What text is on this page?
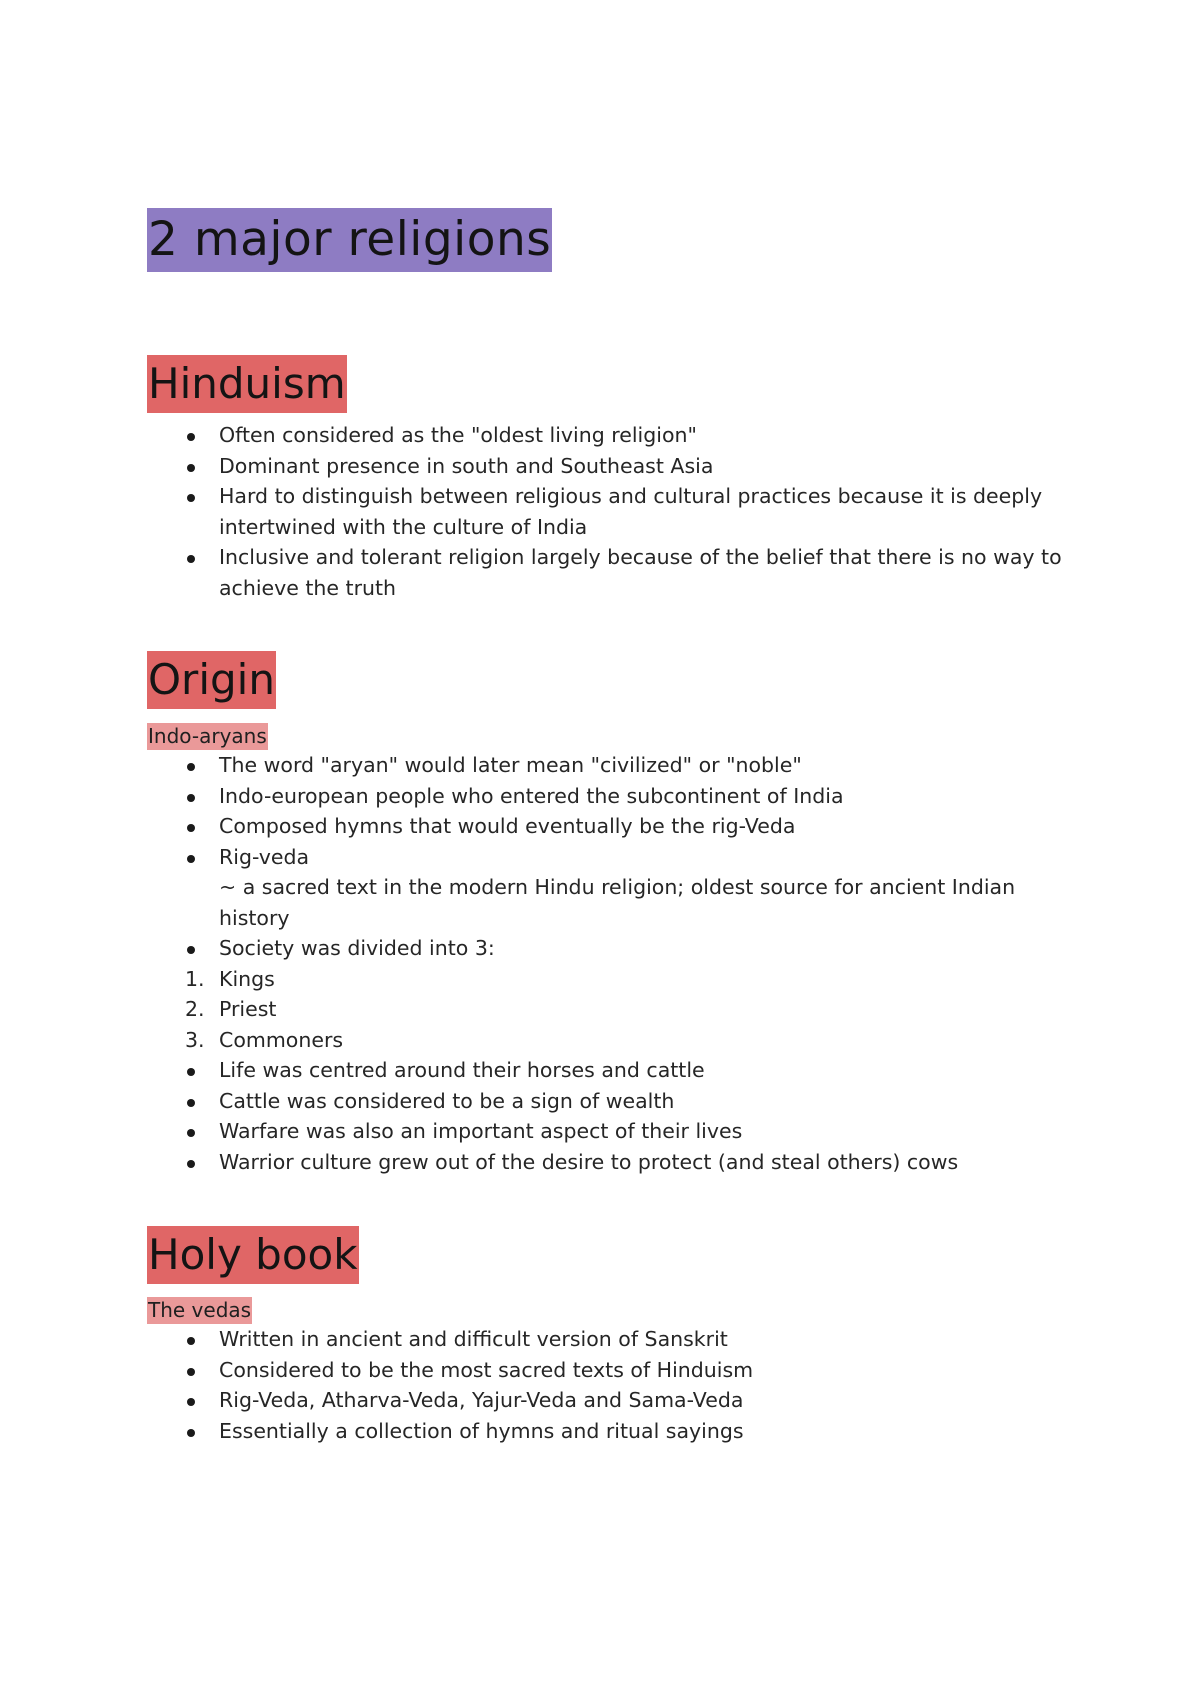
2 major religions
Hinduism
Often considered as the "oldest living religion"
Dominant presence in south and Southeast Asia
Hard to distinguish between religious and cultural practices because it is deeply intertwined with the culture of India
Inclusive and tolerant religion largely because of the belief that there is no way to achieve the truth
Origin
Indo-aryans
The word "aryan" would later mean "civilized" or "noble"
Indo-european people who entered the subcontinent of India
Composed hymns that would eventually be the rig-Veda
Rig-veda
~ a sacred text in the modern Hindu religion; oldest source for ancient Indian history
Society was divided into 3:
1. Kings
2. Priest
3. Commoners
Life was centred around their horses and cattle
Cattle was considered to be a sign of wealth
Warfare was also an important aspect of their lives
Warrior culture grew out of the desire to protect (and steal others) cows
Holy book
The vedas
Written in ancient and difficult version of Sanskrit
Considered to be the most sacred texts of Hinduism
Rig-Veda, Atharva-Veda, Yajur-Veda and Sama-Veda
Essentially a collection of hymns and ritual sayings
